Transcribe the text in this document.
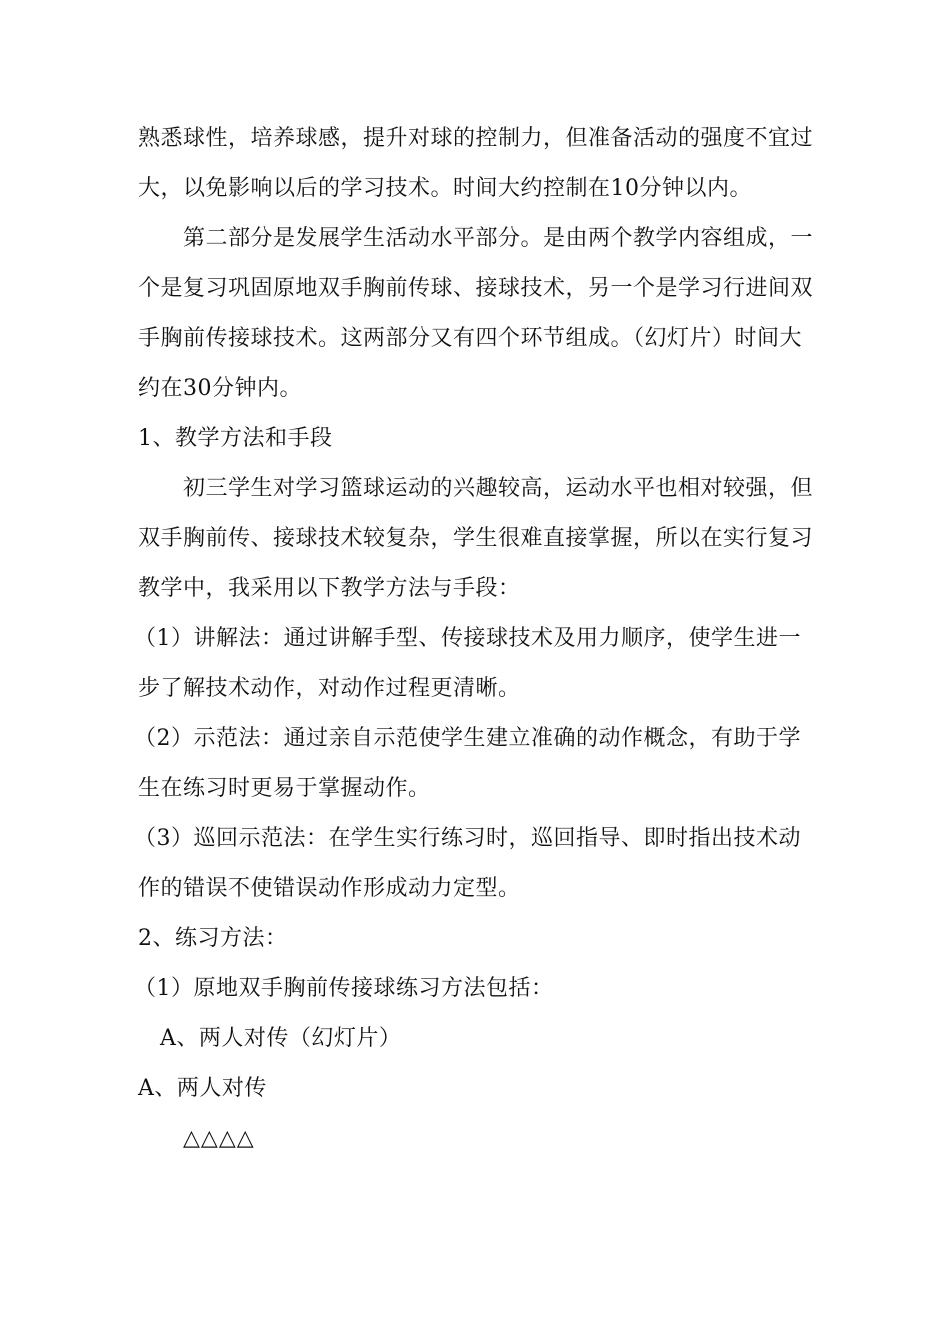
熟悉球性，培养球感，提升对球的控制力，但准备活动的强度不宜过
大，以免影响以后的学习技术。时间大约控制在10分钟以内。
第二部分是发展学生活动水平部分。是由两个教学内容组成，一
个是复习巩固原地双手胸前传球、接球技术，另一个是学习行进间双
手胸前传接球技术。这两部分又有四个环节组成。（幻灯片）时间大
约在30分钟内。
1、教学方法和手段
初三学生对学习篮球运动的兴趣较高，运动水平也相对较强，但
双手胸前传、接球技术较复杂，学生很难直接掌握，所以在实行复习
教学中，我采用以下教学方法与手段：
（1）讲解法：通过讲解手型、传接球技术及用力顺序，使学生进一
步了解技术动作，对动作过程更清晰。
（2）示范法：通过亲自示范使学生建立准确的动作概念，有助于学
生在练习时更易于掌握动作。
（3）巡回示范法：在学生实行练习时，巡回指导、即时指出技术动
作的错误不使错误动作形成动力定型。
2、练习方法：
（1）原地双手胸前传接球练习方法包括：
A、两人对传（幻灯片）
A、两人对传
△△△△
